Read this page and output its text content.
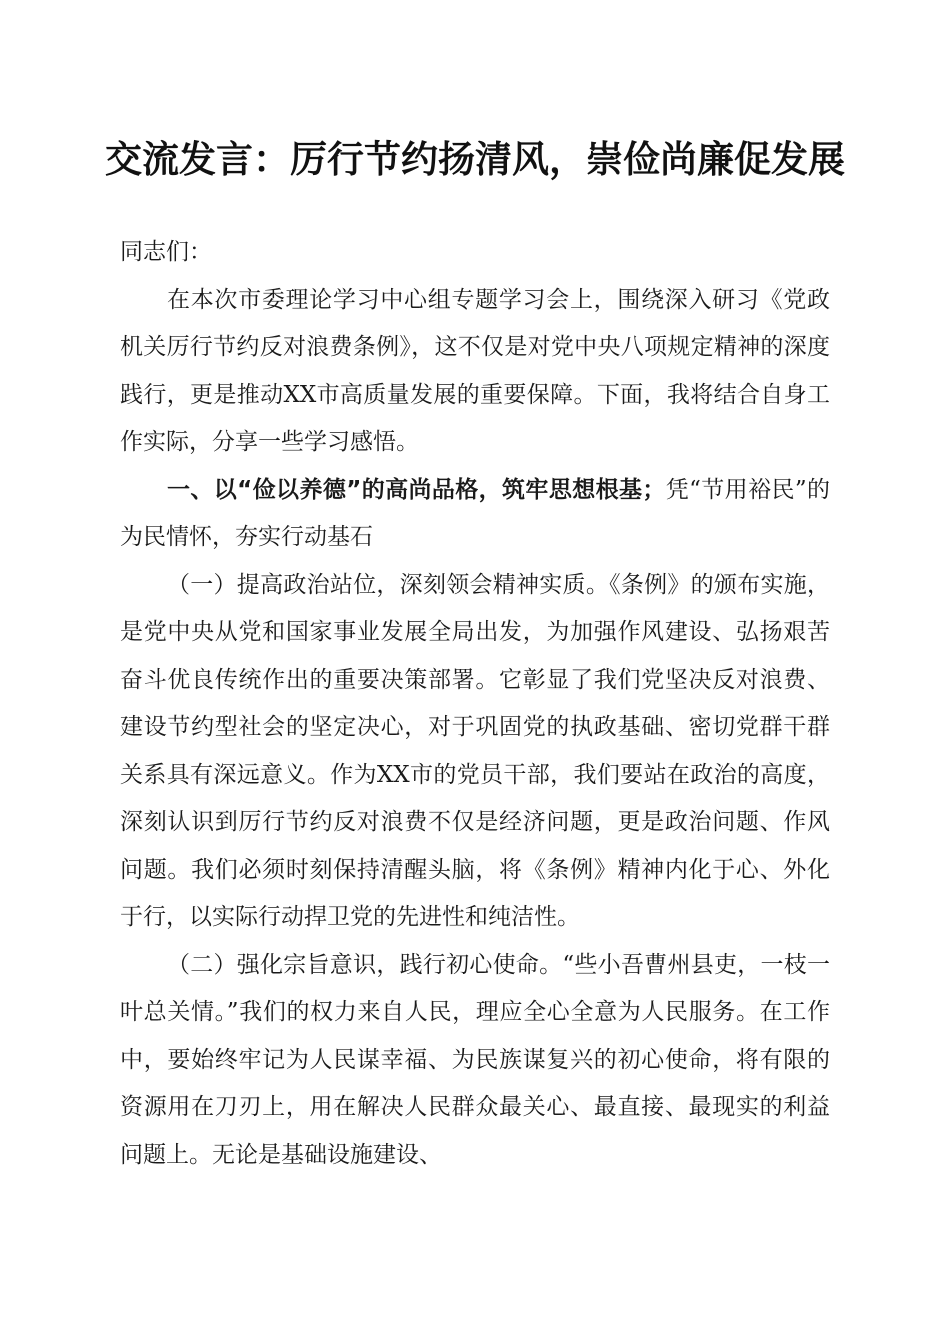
交流发言：厉行节约扬清风，崇俭尚廉促发展

同志们：

在本次市委理论学习中心组专题学习会上，围绕深入研习《党政机关厉行节约反对浪费条例》，这不仅是对党中央八项规定精神的深度践行，更是推动XX市高质量发展的重要保障。下面，我将结合自身工作实际，分享一些学习感悟。

一、以“俭以养德”的高尚品格，筑牢思想根基；凭“节用裕民”的为民情怀，夯实行动基石

（一）提高政治站位，深刻领会精神实质。《条例》的颁布实施，是党中央从党和国家事业发展全局出发，为加强作风建设、弘扬艰苦奋斗优良传统作出的重要决策部署。它彰显了我们党坚决反对浪费、建设节约型社会的坚定决心，对于巩固党的执政基础、密切党群干群关系具有深远意义。作为XX市的党员干部，我们要站在政治的高度，深刻认识到厉行节约反对浪费不仅是经济问题，更是政治问题、作风问题。我们必须时刻保持清醒头脑，将《条例》精神内化于心、外化于行，以实际行动捍卫党的先进性和纯洁性。

（二）强化宗旨意识，践行初心使命。“些小吾曹州县吏，一枝一叶总关情。”我们的权力来自人民，理应全心全意为人民服务。在工作中，要始终牢记为人民谋幸福、为民族谋复兴的初心使命，将有限的资源用在刀刃上，用在解决人民群众最关心、最直接、最现实的利益问题上。无论是基础设施建设、
